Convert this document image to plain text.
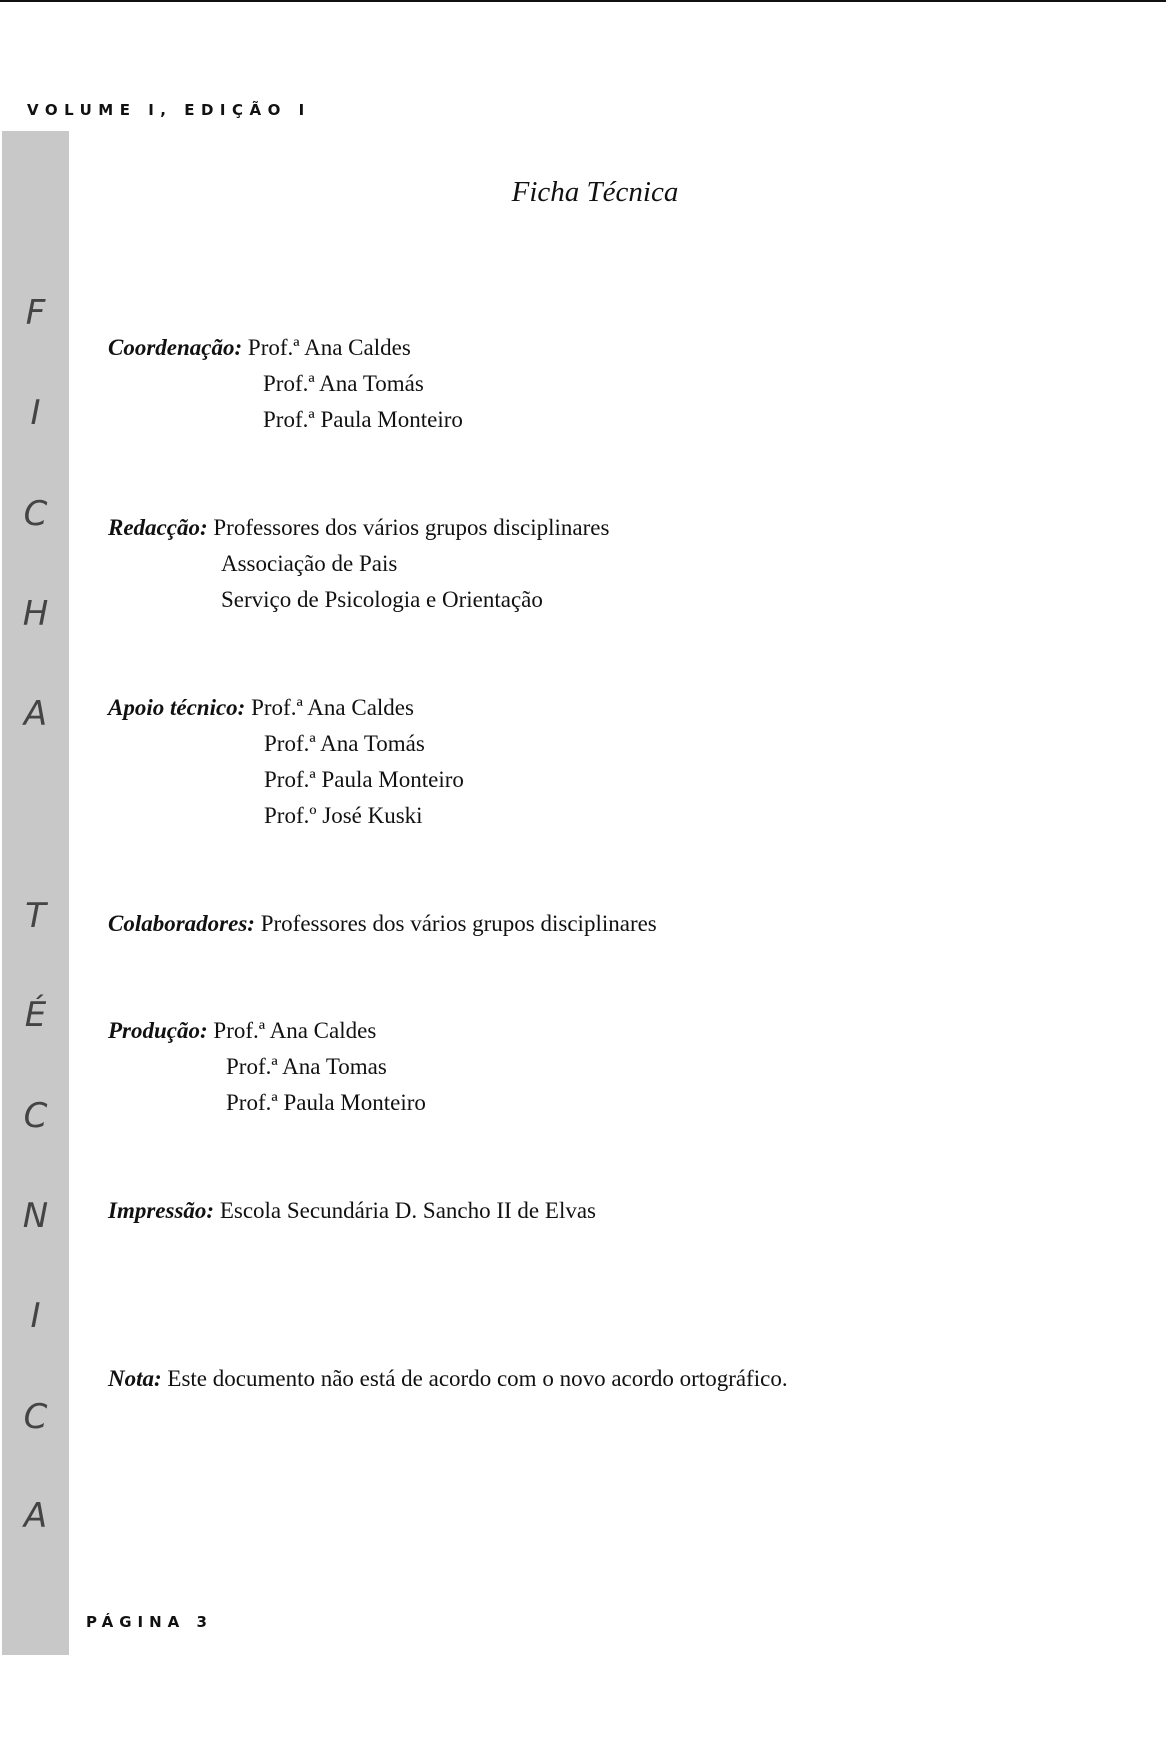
VOLUME I, EDIÇÃO I
F
I
C
H
A
T
É
C
N
I
C
A
Ficha Técnica
Coordenação: Prof.ª Ana Caldes
Prof.ª Ana Tomás
Prof.ª Paula Monteiro
Redacção: Professores dos vários grupos disciplinares
Associação de Pais
Serviço de Psicologia e Orientação
Apoio técnico: Prof.ª Ana Caldes
Prof.ª Ana Tomás
Prof.ª Paula Monteiro
Prof.º José Kuski
Colaboradores: Professores dos vários grupos disciplinares
Produção: Prof.ª Ana Caldes
Prof.ª Ana Tomas
Prof.ª Paula Monteiro
Impressão: Escola Secundária D. Sancho II de Elvas
Nota: Este documento não está de acordo com o novo acordo ortográfico.
PÁGINA 3
